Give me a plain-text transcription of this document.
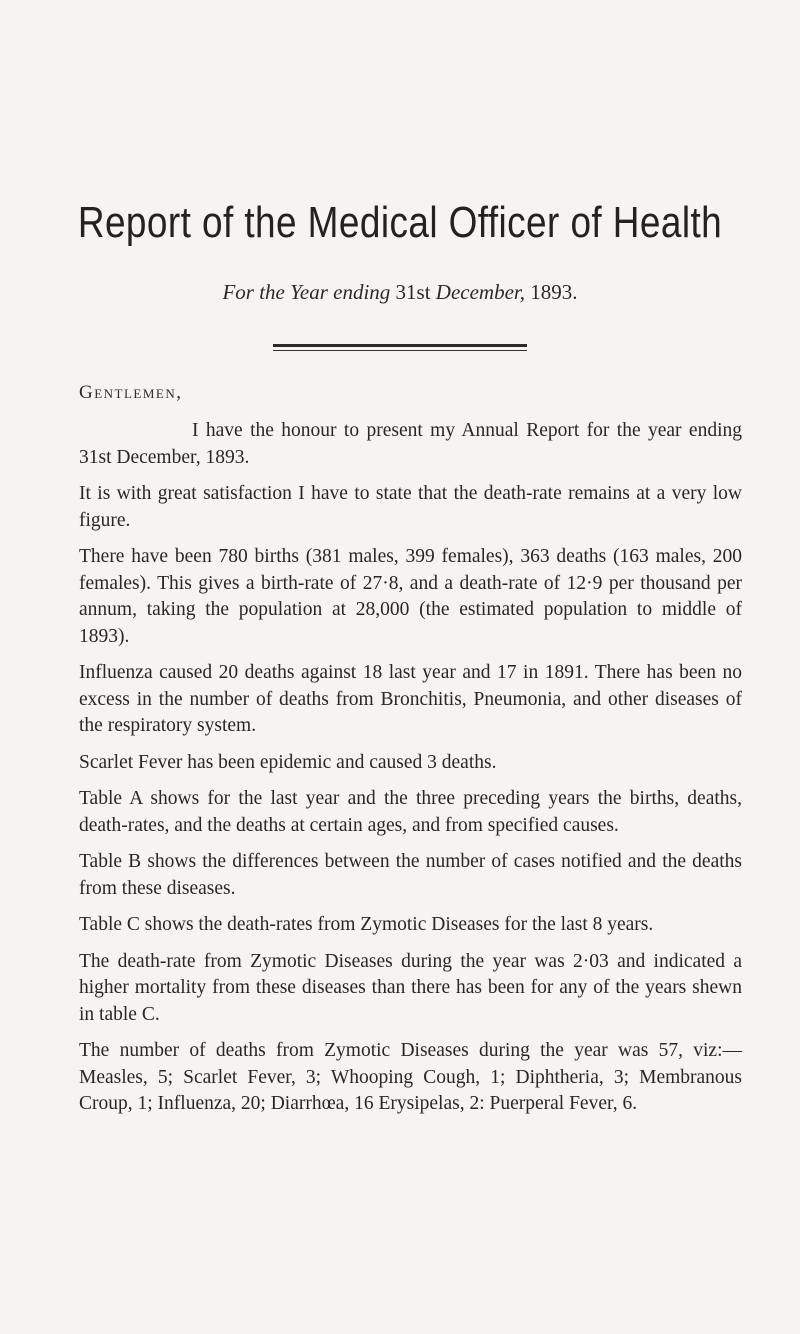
Report of the Medical Officer of Health
For the Year ending 31st December, 1893.
Gentlemen,

I have the honour to present my Annual Report for the year ending 31st December, 1893.

It is with great satisfaction I have to state that the death-rate remains at a very low figure.

There have been 780 births (381 males, 399 females), 363 deaths (163 males, 200 females). This gives a birth-rate of 27·8, and a death-rate of 12·9 per thousand per annum, taking the population at 28,000 (the estimated population to middle of 1893).

Influenza caused 20 deaths against 18 last year and 17 in 1891. There has been no excess in the number of deaths from Bronchitis, Pneumonia, and other diseases of the respiratory system.

Scarlet Fever has been epidemic and caused 3 deaths.

Table A shows for the last year and the three preceding years the births, deaths, death-rates, and the deaths at certain ages, and from specified causes.

Table B shows the differences between the number of cases notified and the deaths from these diseases.

Table C shows the death-rates from Zymotic Diseases for the last 8 years.

The death-rate from Zymotic Diseases during the year was 2·03 and indicated a higher mortality from these diseases than there has been for any of the years shewn in table C.

The number of deaths from Zymotic Diseases during the year was 57, viz:—Measles, 5; Scarlet Fever, 3; Whooping Cough, 1; Diphtheria, 3; Membranous Croup, 1; Influenza, 20; Diarrhœa, 16 Erysipelas, 2: Puerperal Fever, 6.
